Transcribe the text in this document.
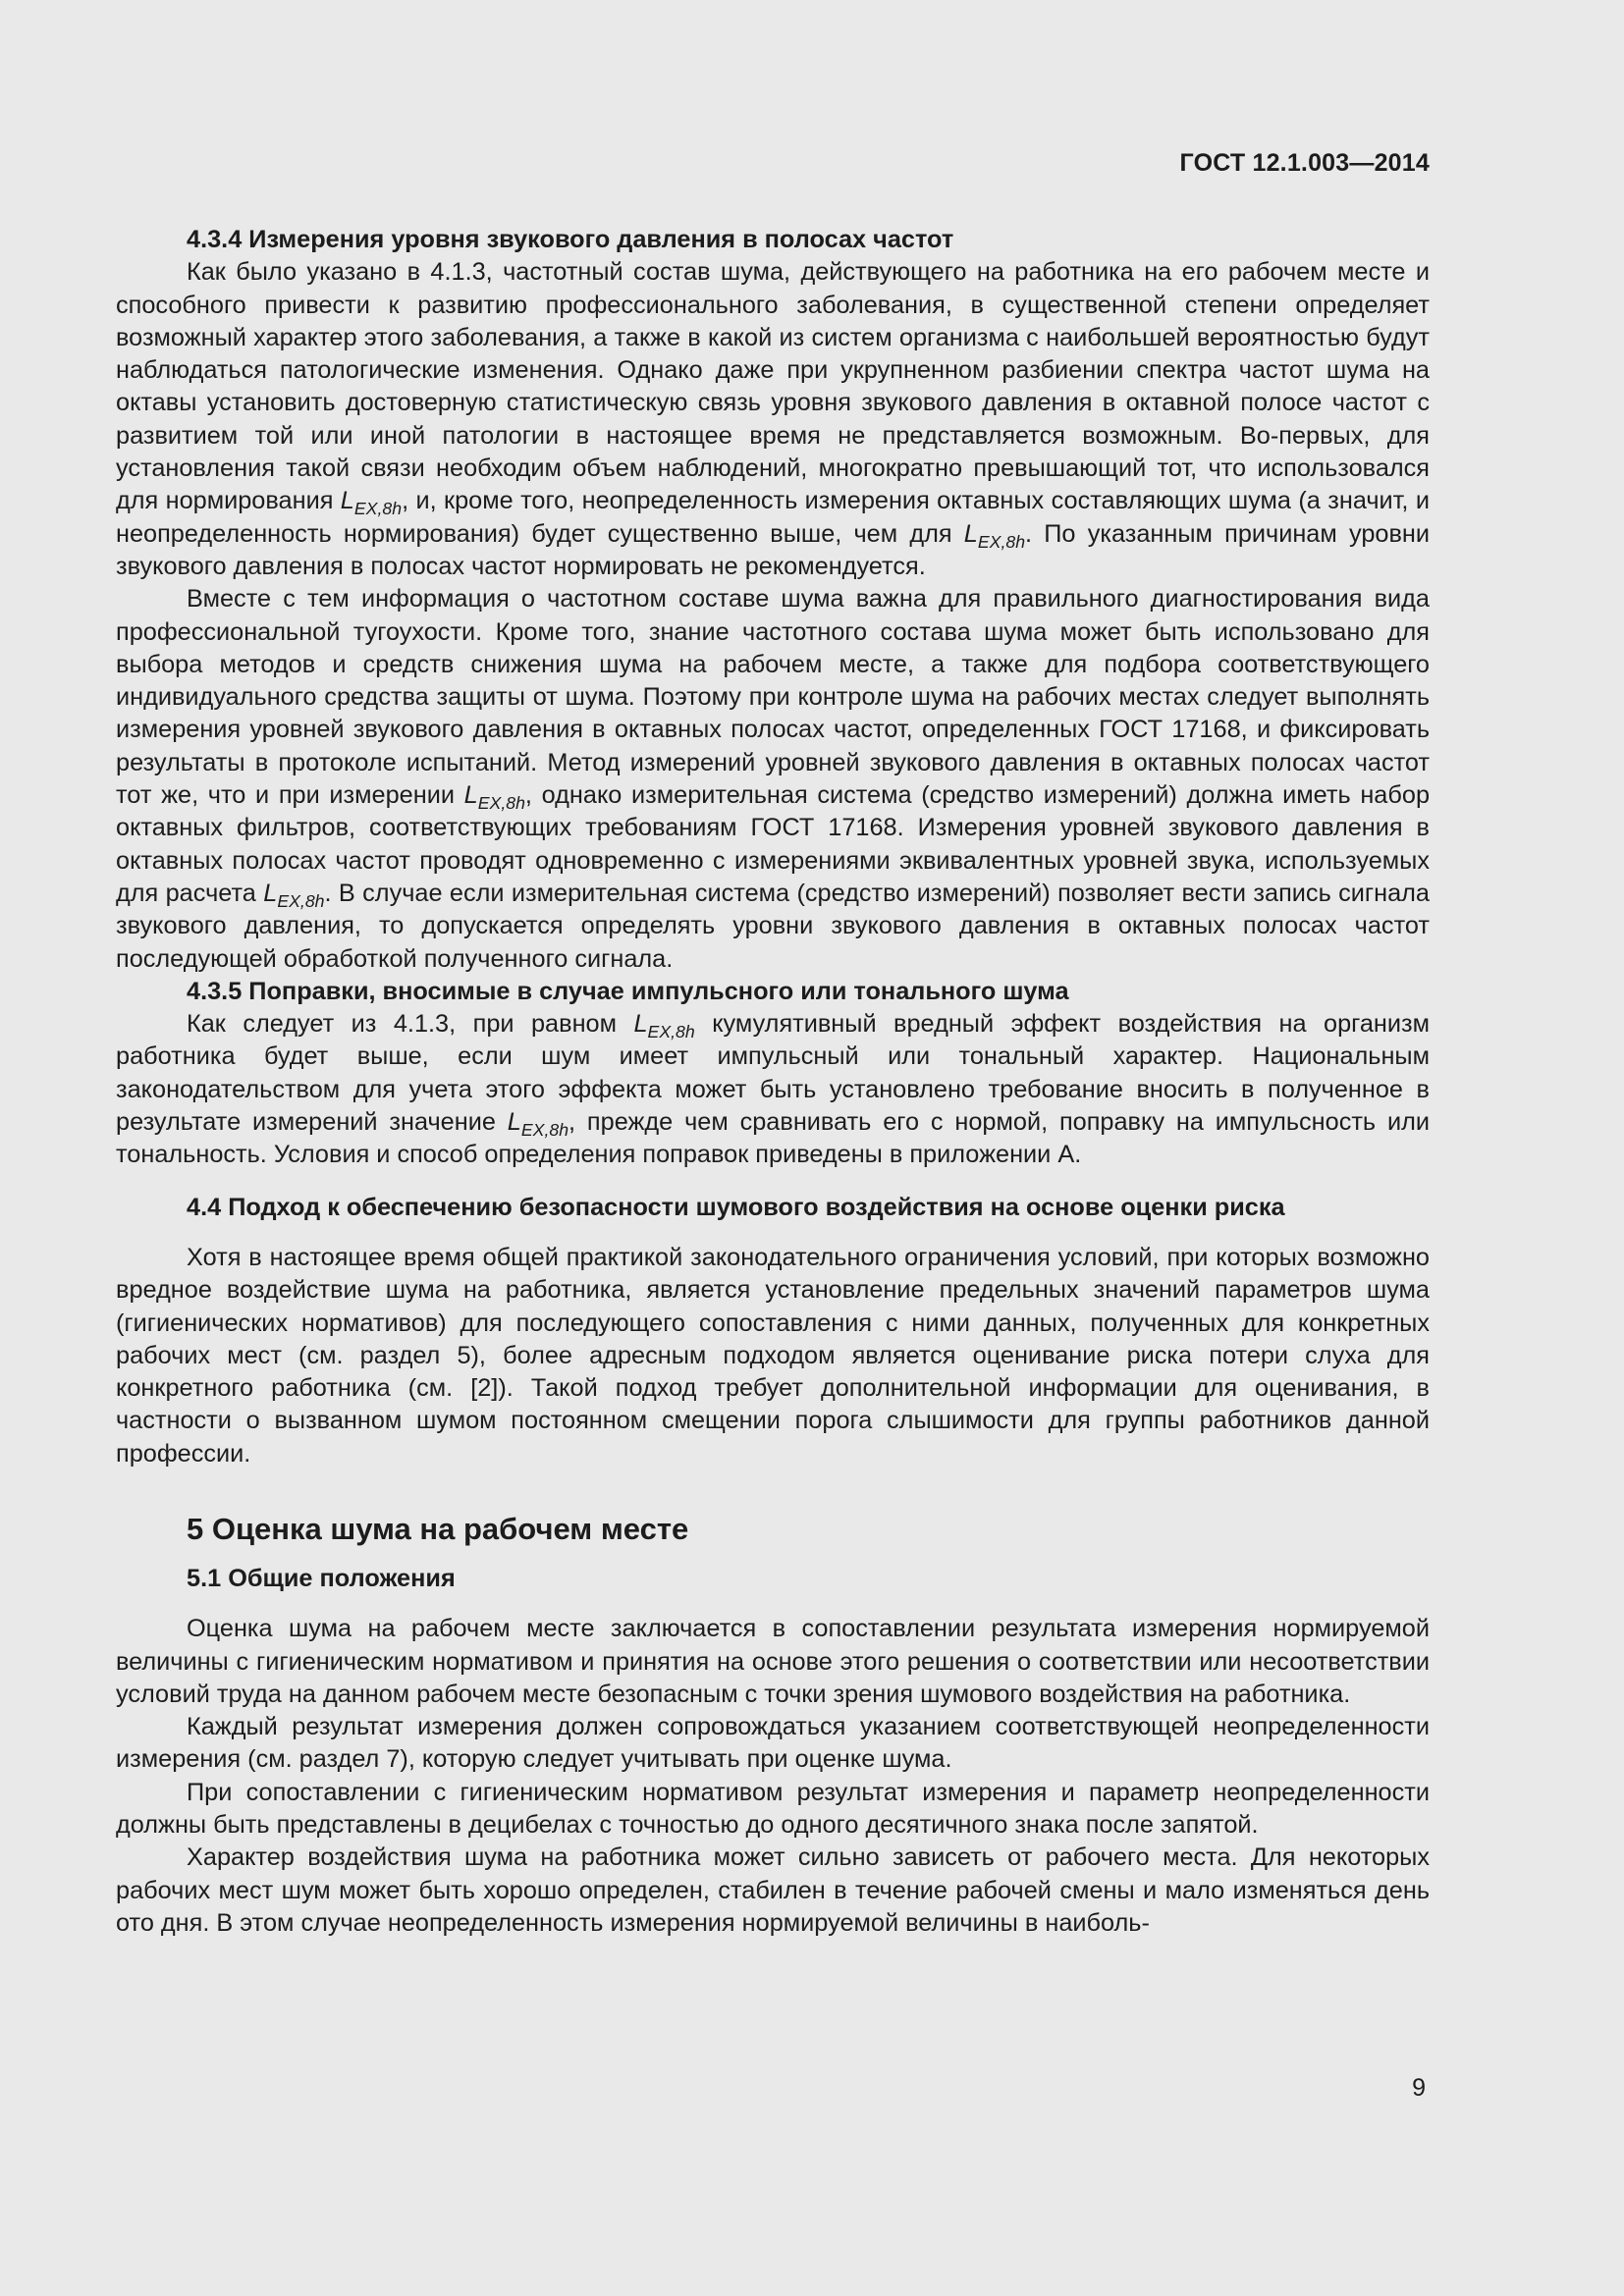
ГОСТ 12.1.003—2014
4.3.4 Измерения уровня звукового давления в полосах частот

Как было указано в 4.1.3, частотный состав шума, действующего на работника на его рабочем месте и способного привести к развитию профессионального заболевания, в существенной степени определяет возможный характер этого заболевания, а также в какой из систем организма с наибольшей вероятностью будут наблюдаться патологические изменения. Однако даже при укрупненном разбиении спектра частот шума на октавы установить достоверную статистическую связь уровня звукового давления в октавной полосе частот с развитием той или иной патологии в настоящее время не представляется возможным. Во-первых, для установления такой связи необходим объем наблюдений, многократно превышающий тот, что использовался для нормирования $L_{EX,8h}$, и, кроме того, неопределенность измерения октавных составляющих шума (а значит, и неопределенность нормирования) будет существенно выше, чем для $L_{EX,8h}$. По указанным причинам уровни звукового давления в полосах частот нормировать не рекомендуется.

Вместе с тем информация о частотном составе шума важна для правильного диагностирования вида профессиональной тугоухости. Кроме того, знание частотного состава шума может быть использовано для выбора методов и средств снижения шума на рабочем месте, а также для подбора соответствующего индивидуального средства защиты от шума. Поэтому при контроле шума на рабочих местах следует выполнять измерения уровней звукового давления в октавных полосах частот, определенных ГОСТ 17168, и фиксировать результаты в протоколе испытаний. Метод измерений уровней звукового давления в октавных полосах частот тот же, что и при измерении $L_{EX,8h}$, однако измерительная система (средство измерений) должна иметь набор октавных фильтров, соответствующих требованиям ГОСТ 17168. Измерения уровней звукового давления в октавных полосах частот проводят одновременно с измерениями эквивалентных уровней звука, используемых для расчета $L_{EX,8h}$. В случае если измерительная система (средство измерений) позволяет вести запись сигнала звукового давления, то допускается определять уровни звукового давления в октавных полосах частот последующей обработкой полученного сигнала.

4.3.5 Поправки, вносимые в случае импульсного или тонального шума

Как следует из 4.1.3, при равном $L_{EX,8h}$ кумулятивный вредный эффект воздействия на организм работника будет выше, если шум имеет импульсный или тональный характер. Национальным законодательством для учета этого эффекта может быть установлено требование вносить в полученное в результате измерений значение $L_{EX,8h}$, прежде чем сравнивать его с нормой, поправку на импульсность или тональность. Условия и способ определения поправок приведены в приложении А.

4.4 Подход к обеспечению безопасности шумового воздействия на основе оценки риска

Хотя в настоящее время общей практикой законодательного ограничения условий, при которых возможно вредное воздействие шума на работника, является установление предельных значений параметров шума (гигиенических нормативов) для последующего сопоставления с ними данных, полученных для конкретных рабочих мест (см. раздел 5), более адресным подходом является оценивание риска потери слуха для конкретного работника (см. [2]). Такой подход требует дополнительной информации для оценивания, в частности о вызванном шумом постоянном смещении порога слышимости для группы работников данной профессии.

5 Оценка шума на рабочем месте
5.1 Общие положения

Оценка шума на рабочем месте заключается в сопоставлении результата измерения нормируемой величины с гигиеническим нормативом и принятия на основе этого решения о соответствии или несоответствии условий труда на данном рабочем месте безопасным с точки зрения шумового воздействия на работника.

Каждый результат измерения должен сопровождаться указанием соответствующей неопределенности измерения (см. раздел 7), которую следует учитывать при оценке шума.

При сопоставлении с гигиеническим нормативом результат измерения и параметр неопределенности должны быть представлены в децибелах с точностью до одного десятичного знака после запятой.

Характер воздействия шума на работника может сильно зависеть от рабочего места. Для некоторых рабочих мест шум может быть хорошо определен, стабилен в течение рабочей смены и мало изменяться день ото дня. В этом случае неопределенность измерения нормируемой величины в наиболь-

9
